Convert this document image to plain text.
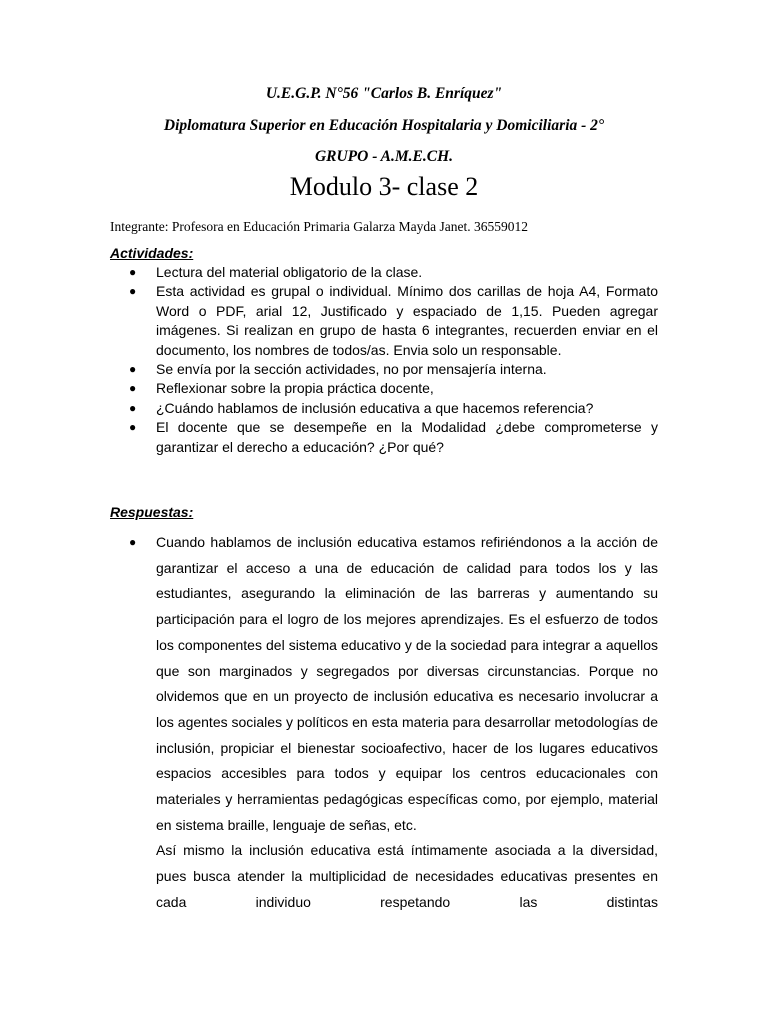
U.E.G.P. N°56 "Carlos B. Enríquez"

Diplomatura Superior en Educación Hospitalaria y Domiciliaria - 2°

GRUPO - A.M.E.CH.

Modulo 3- clase 2

Integrante: Profesora en Educación Primaria Galarza Mayda Janet. 36559012

Actividades:

● Lectura del material obligatorio de la clase.
● Esta actividad es grupal o individual. Mínimo dos carillas de hoja A4, Formato Word o PDF, arial 12, Justificado y espaciado de 1,15. Pueden agregar imágenes. Si realizan en grupo de hasta 6 integrantes, recuerden enviar en el documento, los nombres de todos/as. Envia solo un responsable.
● Se envía por la sección actividades, no por mensajería interna.
● Reflexionar sobre la propia práctica docente,
● ¿Cuándo hablamos de inclusión educativa a que hacemos referencia?
● El docente que se desempeñe en la Modalidad ¿debe comprometerse y garantizar el derecho a educación? ¿Por qué?

Respuestas:

● Cuando hablamos de inclusión educativa estamos refiriéndonos a la acción de garantizar el acceso a una de educación de calidad para todos los y las estudiantes, asegurando la eliminación de las barreras y aumentando su participación para el logro de los mejores aprendizajes. Es el esfuerzo de todos los componentes del sistema educativo y de la sociedad para integrar a aquellos que son marginados y segregados por diversas circunstancias. Porque no olvidemos que en un proyecto de inclusión educativa es necesario involucrar a los agentes sociales y políticos en esta materia para desarrollar metodologías de inclusión, propiciar el bienestar socioafectivo, hacer de los lugares educativos espacios accesibles para todos y equipar los centros educacionales con materiales y herramientas pedagógicas específicas como, por ejemplo, material en sistema braille, lenguaje de señas, etc.

Así mismo la inclusión educativa está íntimamente asociada a la diversidad, pues busca atender la multiplicidad de necesidades educativas presentes en cada individuo respetando las distintas
